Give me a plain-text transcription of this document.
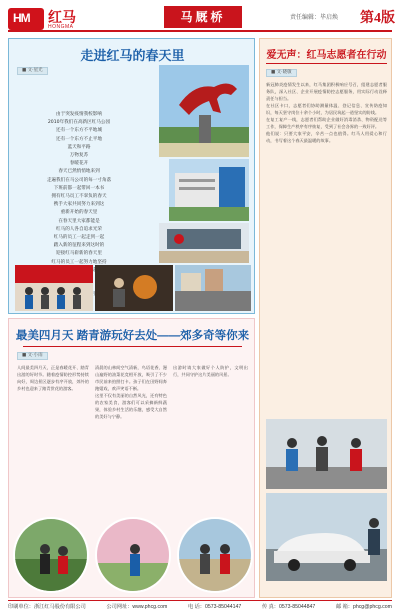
HM 红马
HONGMA
马厩桥	责任编辑：毕启焕 第4版
走进红马的春天里
■ 文·星光
由于突发疫情我校影响
2010年我们在高新区红马公园
还有一个东方不平地城
还有一个东方不止平地
蓝天和平路
万物复苏
春暖花开
春天已然悄悄地来到
走遍我们在马公司的每一寸角落
下班前都一起带回一本书
拥有红马员工不辜负的春天
携手大家共同努力来到这
重新开始的春天里
在春天里大家都能是
红马的人各自追求光荣
红马的员工一起走到一起
踏入新的征程来到这时的
迎接红马崭新的春天里
红马的员工一起努力地坚持
爱无声：红马志愿者在行动
■ 文·晓敏

新冠肺炎疫情发生以来，红马集团积极响应号召，组建志愿者服务队，深入社区、企业开展疫情防控志愿服务，用实际行动诠释责任与担当。

在社区卡口，志愿者们协助测量体温、登记信息、宣传防疫知识，每天坚守岗位十余个小时，为居民筑起一道坚实的防线。

在复工复产一线，志愿者们帮助企业做好消毒消杀、物资配送等工作，保障生产秩序有序恢复，受到了社会各界的一致好评。

他们说：只要大家平安，辛苦一点也值得。红马人用爱心和行动，书写着这个春天最温暖的故事。

最美四月天 踏青游玩好去处——郊多奇等你来
■ 文·小雨

人间最美四月天，正是春暖花开、踏青出游的好时节。随着疫情防控形势持续向好，周边景区逐步有序开放，郊外的乡村也迎来了踏青赏花的游客。

清晨的山林间空气清新，鸟语花香，漫山遍野的油菜花竞相开放，吸引了不少市民前来拍照打卡。孩子们在田野间奔跑嬉戏，欢声笑语不断。

这里不仅有美丽的自然风光，还有特色的农家美食，游客们可以采摘新鲜蔬果，体验乡村生活的乐趣，感受大自然的美好与宁静。

出游时请大家做好个人防护，文明出行，共同守护这片美丽的风景。

印刷单位：浙江红马股份有限公司	公司网址：www.phcg.com	电 话：0573-85044147	传 真：0573-85044847	邮 箱：phcg@phcg.com
